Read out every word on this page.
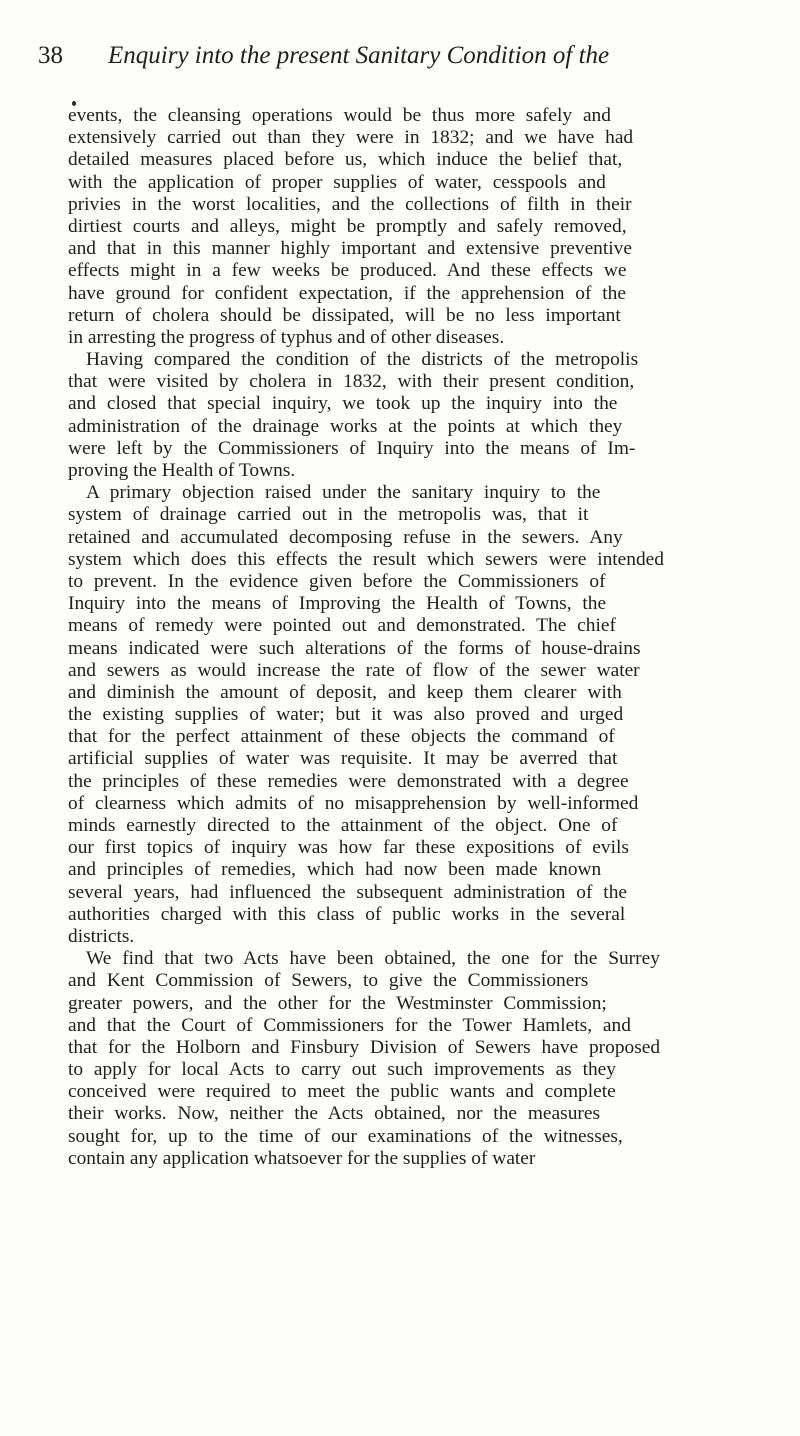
38 Enquiry into the present Sanitary Condition of the
events, the cleansing operations would be thus more safely and
extensively carried out than they were in 1832; and we have had
detailed measures placed before us, which induce the belief that,
with the application of proper supplies of water, cesspools and
privies in the worst localities, and the collections of filth in their
dirtiest courts and alleys, might be promptly and safely removed,
and that in this manner highly important and extensive preventive
effects might in a few weeks be produced. And these effects we
have ground for confident expectation, if the apprehension of the
return of cholera should be dissipated, will be no less important
in arresting the progress of typhus and of other diseases.
Having compared the condition of the districts of the metropolis
that were visited by cholera in 1832, with their present condition,
and closed that special inquiry, we took up the inquiry into the
administration of the drainage works at the points at which they
were left by the Commissioners of Inquiry into the means of Im-
proving the Health of Towns.
A primary objection raised under the sanitary inquiry to the
system of drainage carried out in the metropolis was, that it
retained and accumulated decomposing refuse in the sewers. Any
system which does this effects the result which sewers were intended
to prevent. In the evidence given before the Commissioners of
Inquiry into the means of Improving the Health of Towns, the
means of remedy were pointed out and demonstrated. The chief
means indicated were such alterations of the forms of house-drains
and sewers as would increase the rate of flow of the sewer water
and diminish the amount of deposit, and keep them clearer with
the existing supplies of water; but it was also proved and urged
that for the perfect attainment of these objects the command of
artificial supplies of water was requisite. It may be averred that
the principles of these remedies were demonstrated with a degree
of clearness which admits of no misapprehension by well-informed
minds earnestly directed to the attainment of the object. One of
our first topics of inquiry was how far these expositions of evils
and principles of remedies, which had now been made known
several years, had influenced the subsequent administration of the
authorities charged with this class of public works in the several
districts.
We find that two Acts have been obtained, the one for the Surrey
and Kent Commission of Sewers, to give the Commissioners
greater powers, and the other for the Westminster Commission;
and that the Court of Commissioners for the Tower Hamlets, and
that for the Holborn and Finsbury Division of Sewers have proposed
to apply for local Acts to carry out such improvements as they
conceived were required to meet the public wants and complete
their works. Now, neither the Acts obtained, nor the measures
sought for, up to the time of our examinations of the witnesses,
contain any application whatsoever for the supplies of water
